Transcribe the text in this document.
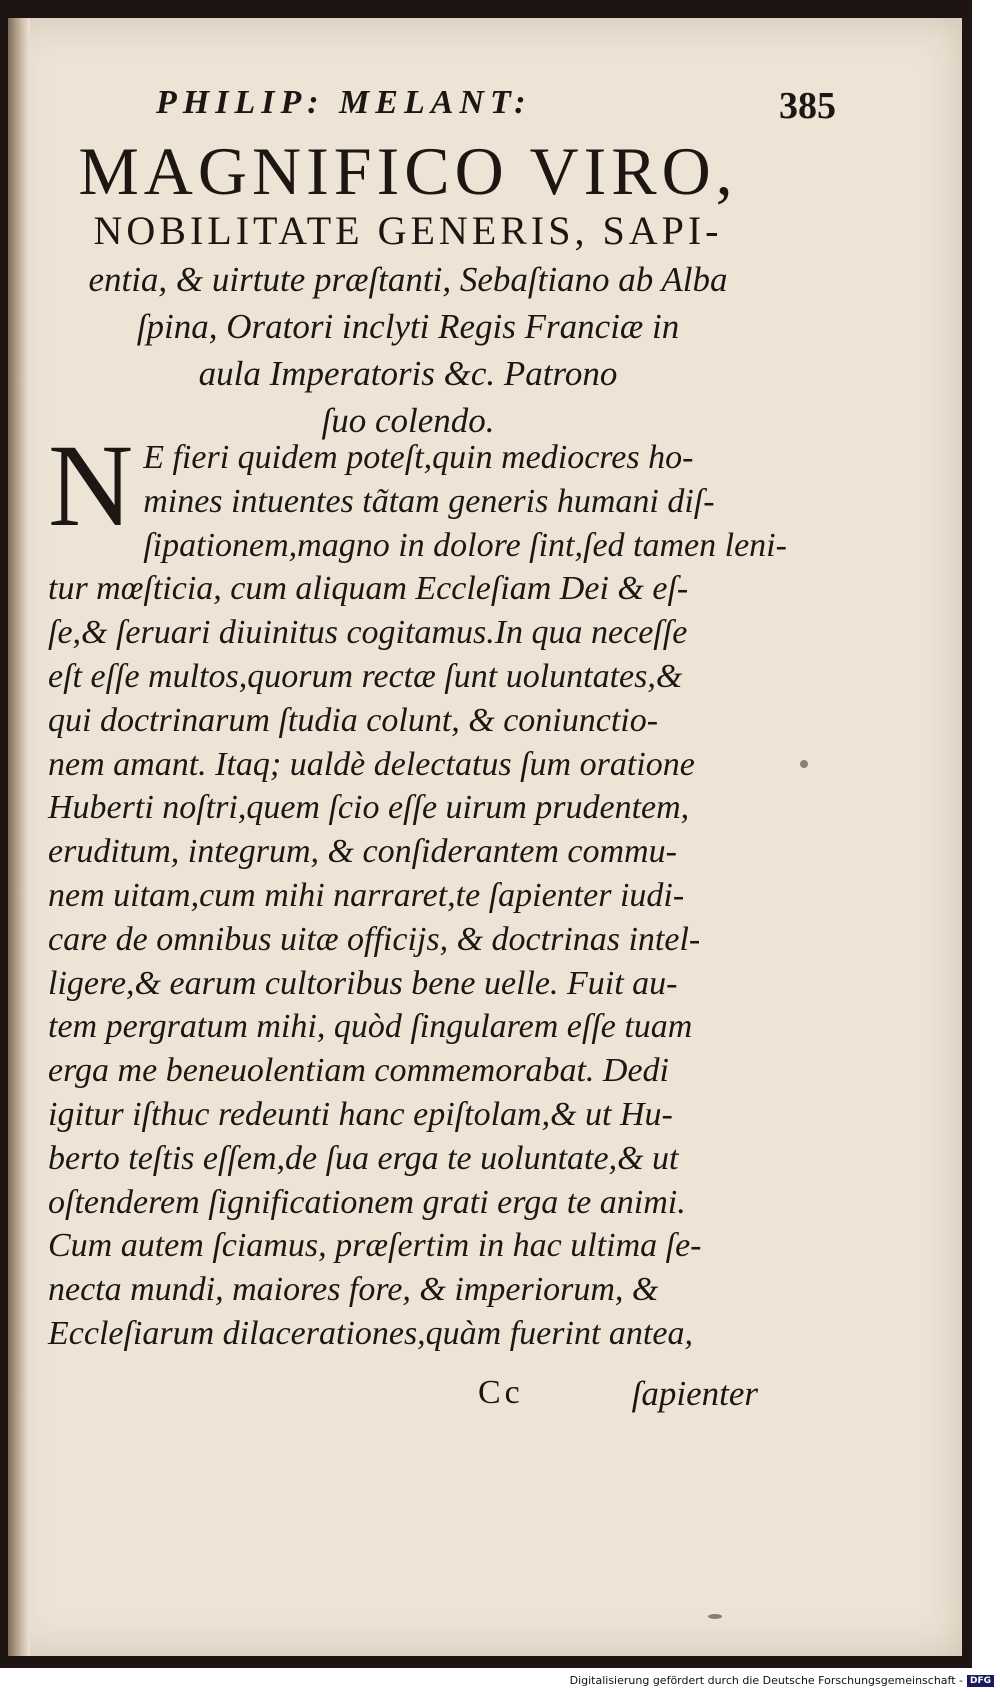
PHILIP: MELANT:	385
MAGNIFICO VIRO,
NOBILITATE GENERIS, SAPI-
entia, & uirtute præſtanti, Sebaſtiano ab Alba
ſpina, Oratori inclyti Regis Franciæ in
aula Imperatoris &c. Patrono
ſuo colendo.
N E fieri quidem poteſt,quin mediocres ho-
mines intuentes tãtam generis humani diſ-
ſipationem,magno in dolore ſint,ſed tamen leni-
tur mœſticia, cum aliquam Eccleſiam Dei & eſ-
ſe,& ſeruari diuinitus cogitamus.In qua neceſſe
eſt eſſe multos,quorum rectæ ſunt uoluntates,&
qui doctrinarum ſtudia colunt, & coniunctio-
nem amant. Itaq; ualdè delectatus ſum oratione
Huberti noſtri,quem ſcio eſſe uirum prudentem,
eruditum, integrum, & conſiderantem commu-
nem uitam,cum mihi narraret,te ſapienter iudi-
care de omnibus uitæ officijs, & doctrinas intel-
ligere,& earum cultoribus bene uelle. Fuit au-
tem pergratum mihi, quòd ſingularem eſſe tuam
erga me beneuolentiam commemorabat. Dedi
igitur iſthuc redeunti hanc epiſtolam,& ut Hu-
berto teſtis eſſem,de ſua erga te uoluntate,& ut
oſtenderem ſignificationem grati erga te animi.
Cum autem ſciamus, præſertim in hac ultima ſe-
necta mundi, maiores fore, & imperiorum, &
Eccleſiarum dilacerationes,quàm fuerint antea,
Cc	ſapienter
Digitalisierung gefördert durch die Deutsche Forschungsgemeinschaft - DFG
